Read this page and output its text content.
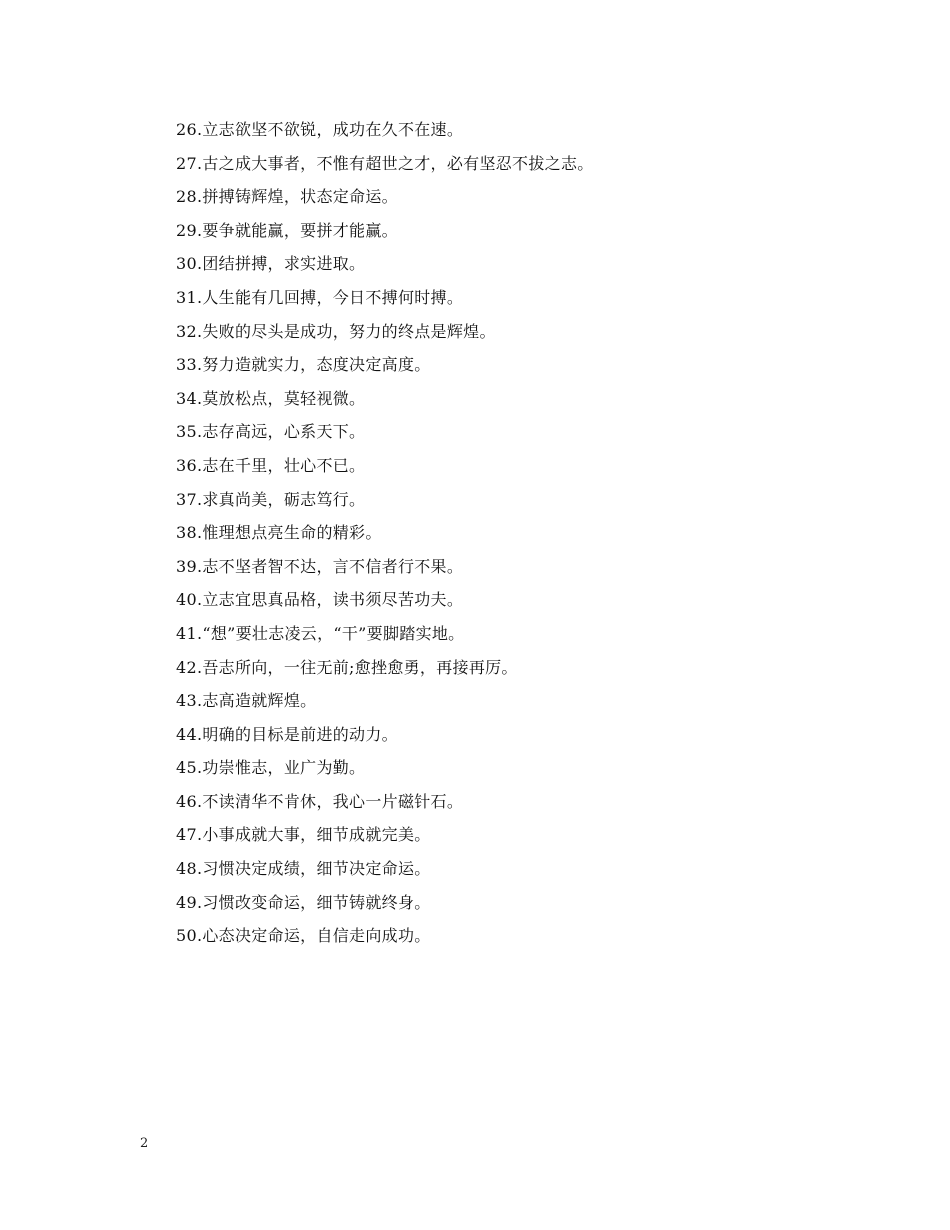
26.立志欲坚不欲锐，成功在久不在速。
27.古之成大事者，不惟有超世之才，必有坚忍不拔之志。
28.拼搏铸辉煌，状态定命运。
29.要争就能赢，要拼才能赢。
30.团结拼搏，求实进取。
31.人生能有几回搏，今日不搏何时搏。
32.失败的尽头是成功，努力的终点是辉煌。
33.努力造就实力，态度决定高度。
34.莫放松点，莫轻视微。
35.志存高远，心系天下。
36.志在千里，壮心不已。
37.求真尚美，砺志笃行。
38.惟理想点亮生命的精彩。
39.志不坚者智不达，言不信者行不果。
40.立志宜思真品格，读书须尽苦功夫。
41.“想”要壮志凌云，“干”要脚踏实地。
42.吾志所向，一往无前;愈挫愈勇，再接再厉。
43.志高造就辉煌。
44.明确的目标是前进的动力。
45.功崇惟志，业广为勤。
46.不读清华不肯休，我心一片磁针石。
47.小事成就大事，细节成就完美。
48.习惯决定成绩，细节决定命运。
49.习惯改变命运，细节铸就终身。
50.心态决定命运，自信走向成功。
2
